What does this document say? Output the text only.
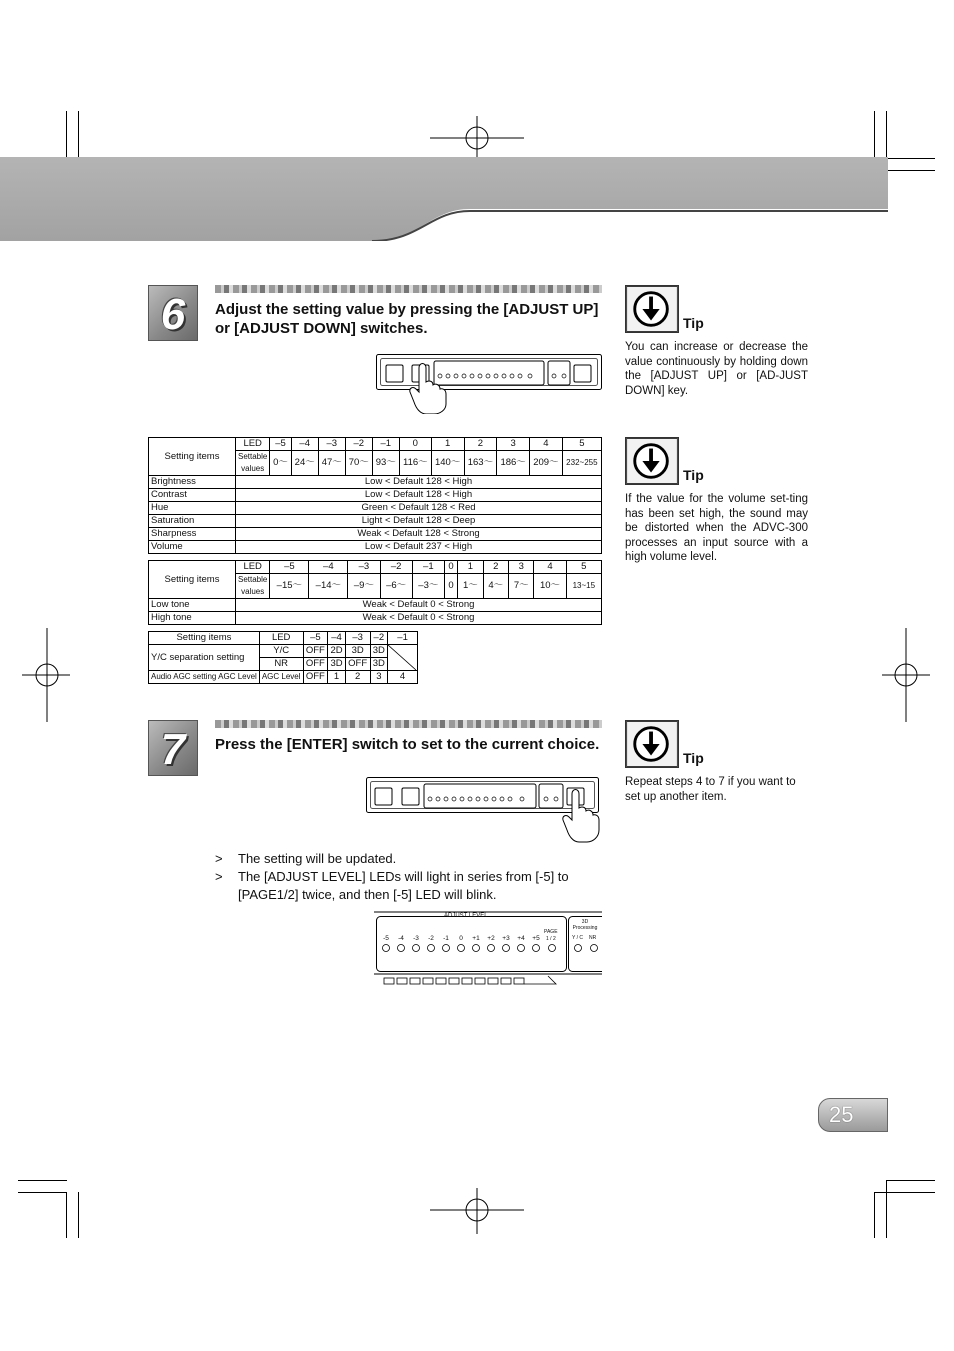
6	Adjust the setting value by pressing the [ADJUST UP]
or [ADJUST DOWN] switches.	Tip
You can increase or decrease the value continuously by holding down the [ADJUST UP] or [AD-JUST DOWN] key.
Tip
If the value for the volume set-ting has been set high, the sound may be distorted when the ADVC-300 processes an input source with a high volume level.
Setting items	LED	–5	–4	–3	–2	–1	0	1	2	3	4	5
	Settable values	0～	24～	47～	70～	93～	116～	140～	163～	186～	209～	232~255
Brightness	Low < Default 128 < High											
Contrast	Low < Default 128 < High											
Hue	Green < Default 128 < Red											
Saturation	Light < Default 128 < Deep											
Sharpness	Weak < Default 128 < Strong											
Volume	Low < Default 237 < High											
Setting items	LED	–5	–4	–3	–2	–1	0	1	2	3	4	5
	Settable values	–15～	–14～	–9～	–6～	–3～	0	1～	4～	7～	10～	13~15
Low tone	Weak < Default 0 < Strong											
High tone	Weak < Default 0 < Strong											
Setting items	LED	–5	–4	–3	–2	–1
Y/C separation setting	Y/C	OFF	2D	3D	3D	

	NR	OFF	3D	OFF	3D	
Audio AGC setting AGC Level	AGC Level	OFF	1	2	3	4
7	Press the [ENTER] switch to set to the current choice.
Tip
Repeat steps 4 to 7 if you want to set up another item.
> The setting will be updated.
> The [ADJUST LEVEL] LEDs will light in series from [-5] to [PAGE1/2] twice, and then [-5] LED will blink.
ADJUST LEVEL
-5	-4	-3	-2	-1	0	+1 +2 +3 +4 +5
PAGE
1 / 2
3D Processing
Y / C NR
25
